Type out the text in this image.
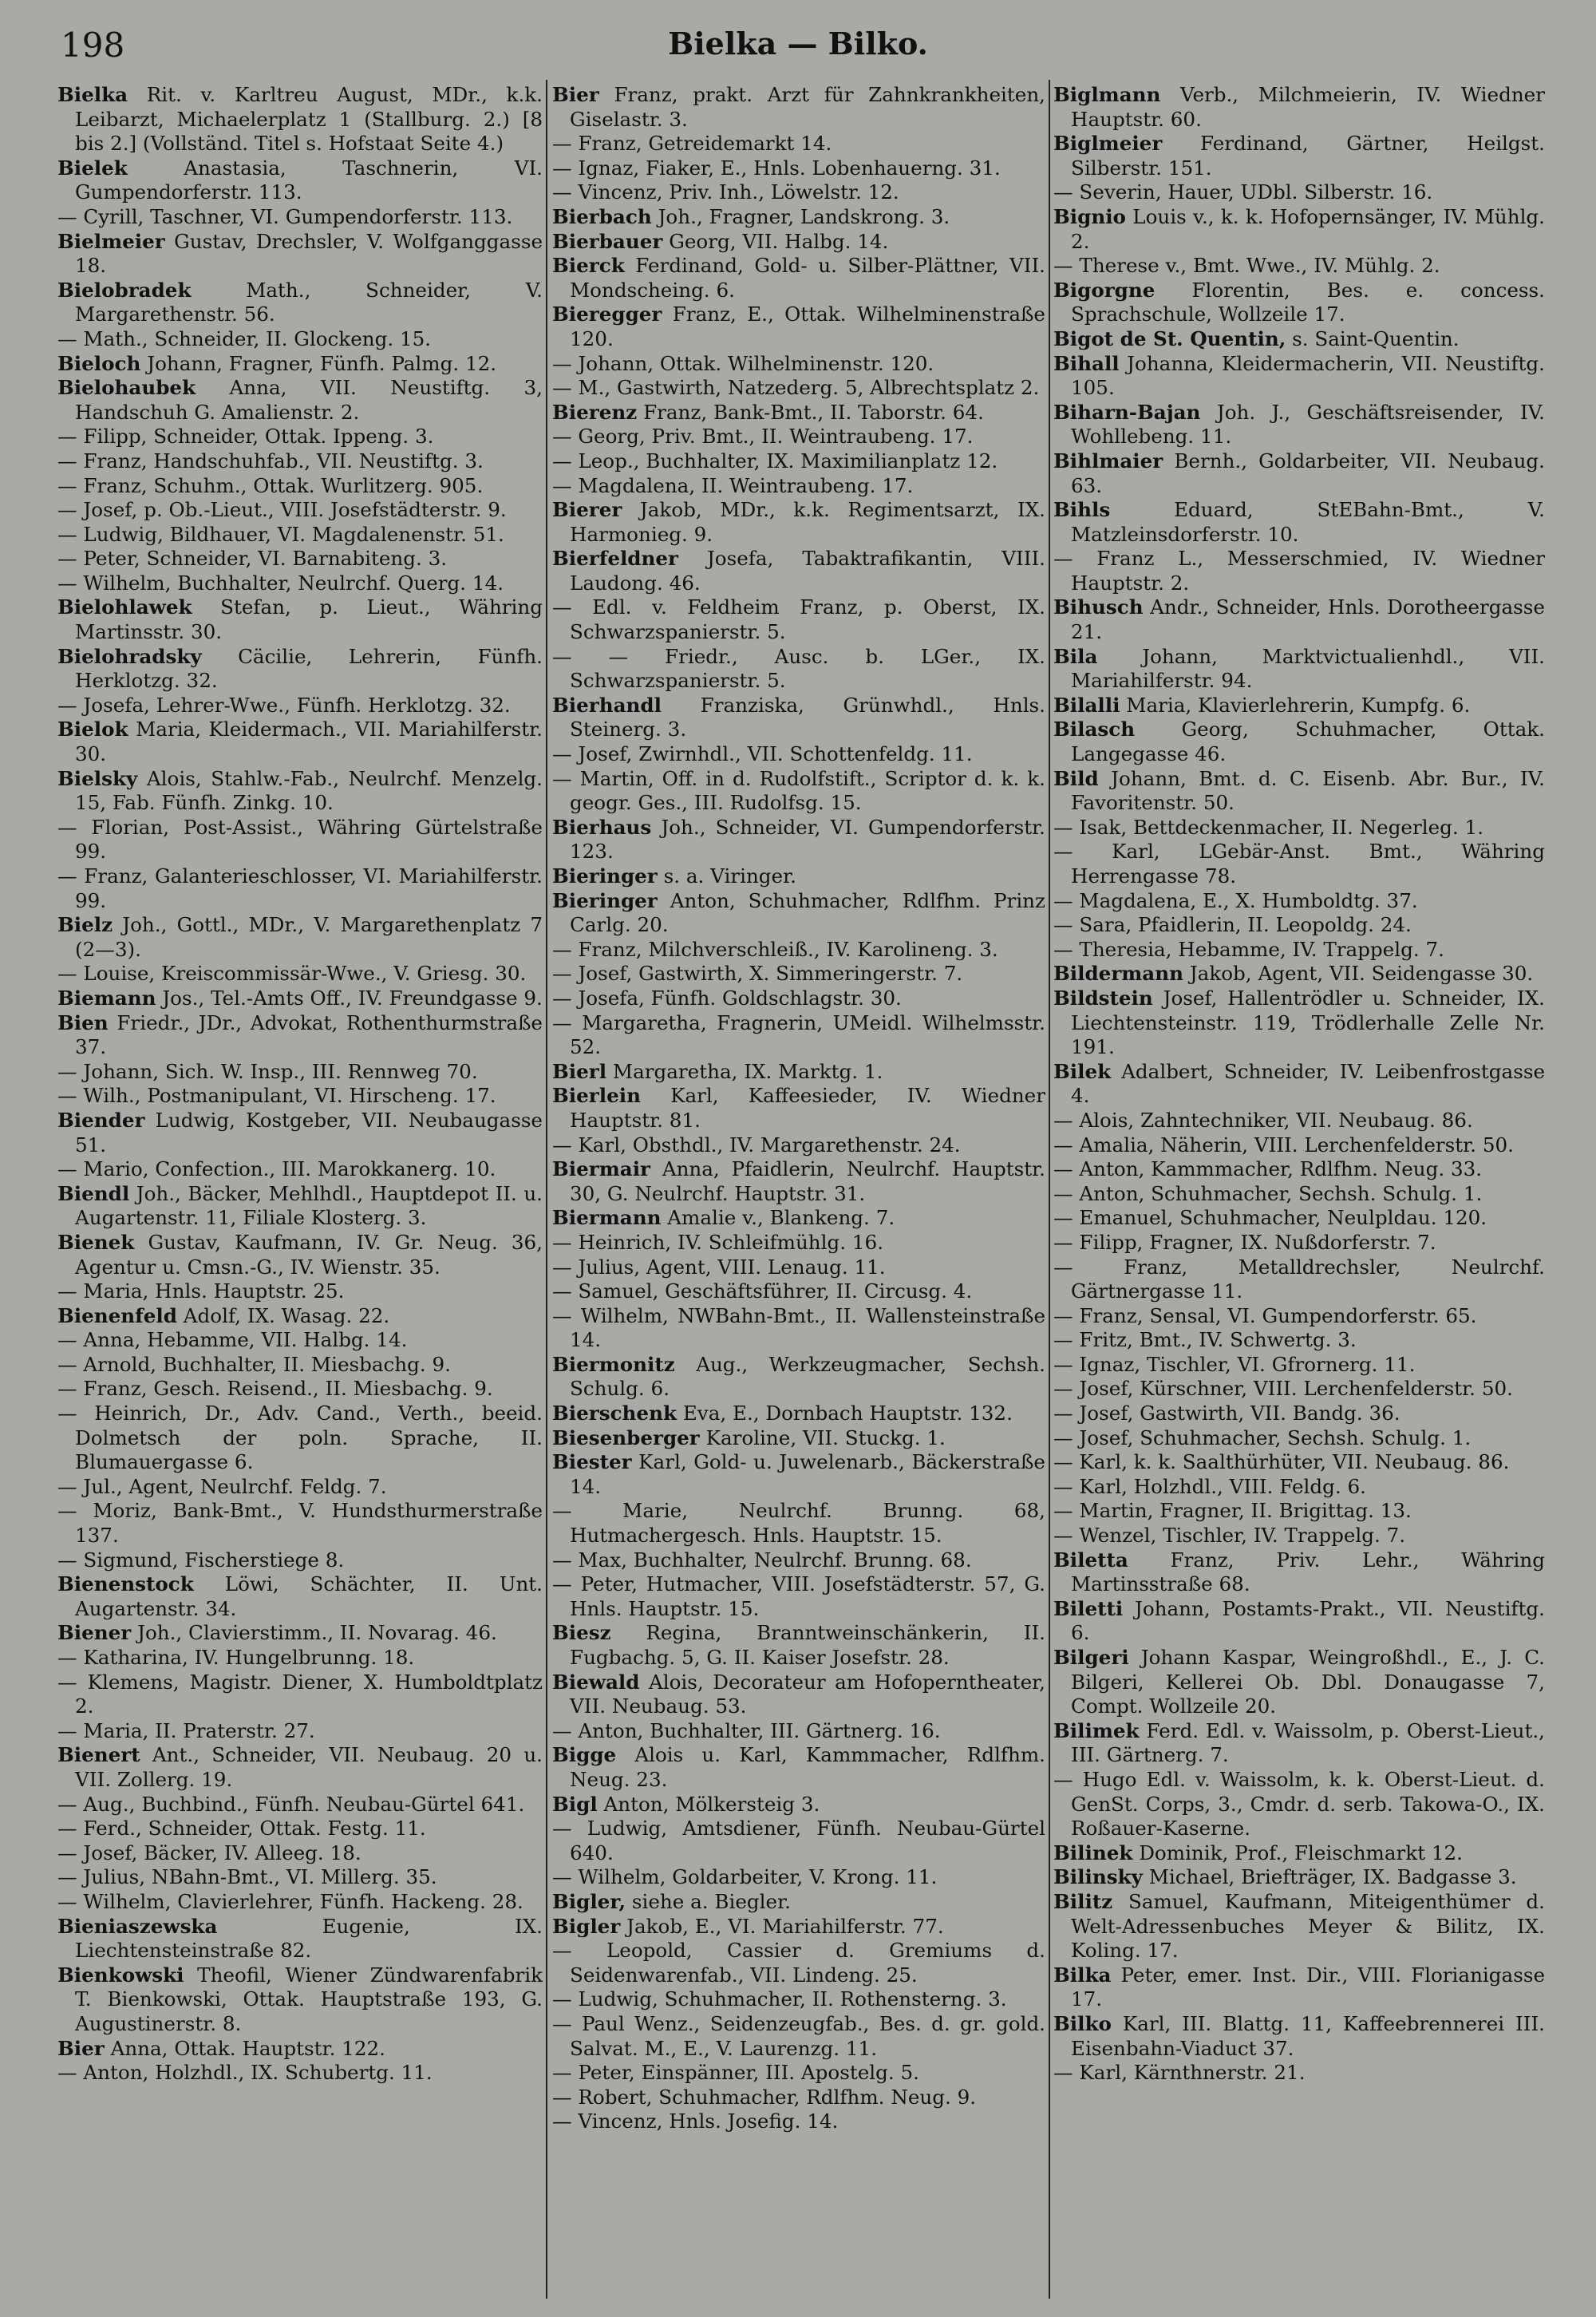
198	Bielka — Bilko.

Bielka Rit. v. Karltreu August, MDr., k.k. Leibarzt, Michaelerplatz 1 (Stallburg. 2.) [8 bis 2.] (Vollständ. Titel s. Hofstaat Seite 4.)

Bielek	Anastasia, Taschnerin, VI. Gumpendorferstr. 113.

— Cyrill, Taschner, VI. Gumpendorferstr. 113.

Bielmeier Gustav, Drechsler, V. Wolfganggasse 18.

Bielobradek	Math., Schneider, V. Margarethenstr. 56.

— Math., Schneider, II. Glockeng. 15.

Bieloch Johann, Fragner, Fünfh. Palmg. 12.

Bielohaubek Anna, VII. Neustiftg. 3, Handschuh G. Amalienstr. 2.

— Filipp, Schneider, Ottak. Ippeng. 3.

— Franz, Handschuhfab., VII. Neustiftg. 3.

— Franz, Schuhm., Ottak. Wurlitzerg. 905.

— Josef, p. Ob.-Lieut., VIII. Josefstädterstr. 9.

— Ludwig, Bildhauer, VI. Magdalenenstr. 51.

— Peter, Schneider, VI. Barnabiteng. 3.

— Wilhelm, Buchhalter, Neulrchf. Querg. 14.

Bielohlawek Stefan, p. Lieut., Währing Martinsstr. 30.

Bielohradsky Cäcilie, Lehrerin, Fünfh. Herklotzg. 32.

— Josefa, Lehrer-Wwe., Fünfh. Herklotzg. 32.

Bielok Maria, Kleidermach., VII. Mariahilferstr. 30.

Bielsky Alois, Stahlw.-Fab., Neulrchf. Menzelg. 15, Fab. Fünfh. Zinkg. 10.

— Florian, Post-Assist., Währing Gürtelstraße 99.

— Franz, Galanterieschlosser, VI. Mariahilferstr. 99.

Bielz Joh., Gottl., MDr., V. Margarethenplatz 7 (2—3).

— Louise, Kreiscommissär-Wwe., V. Griesg. 30.

Biemann Jos., Tel.-Amts Off., IV. Freundgasse 9.

Bien Friedr., JDr., Advokat, Rothenthurmstraße 37.

— Johann, Sich. W. Insp., III. Rennweg 70.

— Wilh., Postmanipulant, VI. Hirscheng. 17.

Biender Ludwig, Kostgeber, VII. Neubaugasse 51.

— Mario, Confection., III. Marokkanerg. 10.

Biendl Joh., Bäcker, Mehlhdl., Hauptdepot II. u. Augartenstr. 11, Filiale Klosterg. 3.

Bienek Gustav, Kaufmann, IV. Gr. Neug. 36, Agentur u. Cmsn.-G., IV. Wienstr. 35.

— Maria, Hnls. Hauptstr. 25.

Bienenfeld Adolf, IX. Wasag. 22.

— Anna, Hebamme, VII. Halbg. 14.

— Arnold, Buchhalter, II. Miesbachg. 9.

— Franz, Gesch. Reisend., II. Miesbachg. 9.

— Heinrich, Dr., Adv. Cand., Verth., beeid. Dolmetsch der poln. Sprache, II. Blumauergasse 6.

— Jul., Agent, Neulrchf. Feldg. 7.

— Moriz, Bank-Bmt., V. Hundsthurmerstraße 137.

— Sigmund, Fischerstiege 8.

Bienenstock Löwi, Schächter, II. Unt. Augartenstr. 34.

Biener Joh., Clavierstimm., II. Novarag. 46.

— Katharina, IV. Hungelbrunng. 18.

— Klemens, Magistr. Diener, X. Humboldtplatz 2.

— Maria, II. Praterstr. 27.

Bienert Ant., Schneider, VII. Neubaug. 20 u. VII. Zollerg. 19.

— Aug., Buchbind., Fünfh. Neubau-Gürtel 641.

— Ferd., Schneider, Ottak. Festg. 11.

— Josef, Bäcker, IV. Alleeg. 18.

— Julius, NBahn-Bmt., VI. Millerg. 35.

— Wilhelm, Clavierlehrer, Fünfh. Hackeng. 28.

Bieniaszewska	Eugenie, IX. Liechtensteinstraße 82.

Bienkowski Theofil, Wiener Zündwarenfabrik T. Bienkowski, Ottak. Hauptstraße 193, G. Augustinerstr. 8.

Bier Anna, Ottak. Hauptstr. 122.

— Anton, Holzhdl., IX. Schubertg. 11.

Bier Franz, prakt. Arzt für Zahnkrankheiten, Giselastr. 3.

— Franz, Getreidemarkt 14.

— Ignaz, Fiaker, E., Hnls. Lobenhauerng. 31.

— Vincenz, Priv. Inh., Löwelstr. 12.

Bierbach Joh., Fragner, Landskrong. 3.

Bierbauer Georg, VII. Halbg. 14.

Bierck Ferdinand, Gold- u. Silber-Plättner, VII. Mondscheing. 6.

Bieregger Franz, E., Ottak. Wilhelminenstraße 120.

— Johann, Ottak. Wilhelminenstr. 120.

— M., Gastwirth, Natzederg. 5, Albrechtsplatz 2.

Bierenz Franz, Bank-Bmt., II. Taborstr. 64.

— Georg, Priv. Bmt., II. Weintraubeng. 17.

— Leop., Buchhalter, IX. Maximilianplatz 12.

— Magdalena, II. Weintraubeng. 17.

Bierer Jakob, MDr., k.k. Regimentsarzt, IX. Harmonieg. 9.

Bierfeldner Josefa, Tabaktrafikantin, VIII. Laudong. 46.

— Edl. v. Feldheim Franz, p. Oberst, IX. Schwarzspanierstr. 5.

— — Friedr., Ausc. b. LGer., IX. Schwarzspanierstr. 5.

Bierhandl Franziska, Grünwhdl., Hnls. Steinerg. 3.

— Josef, Zwirnhdl., VII. Schottenfeldg. 11.

— Martin, Off. in d. Rudolfstift., Scriptor d. k. k. geogr. Ges., III. Rudolfsg. 15.

Bierhaus Joh., Schneider, VI. Gumpendorferstr. 123.

Bieringer s. a. Viringer.

Bieringer Anton, Schuhmacher, Rdlfhm. Prinz Carlg. 20.

— Franz, Milchverschleiß., IV. Karolineng. 3.

— Josef, Gastwirth, X. Simmeringerstr. 7.

— Josefa, Fünfh. Goldschlagstr. 30.

— Margaretha, Fragnerin, UMeidl. Wilhelmsstr. 52.

Bierl Margaretha, IX. Marktg. 1.

Bierlein Karl, Kaffeesieder, IV. Wiedner Hauptstr. 81.

— Karl, Obsthdl., IV. Margarethenstr. 24.

Biermair Anna, Pfaidlerin, Neulrchf. Hauptstr. 30, G. Neulrchf. Hauptstr. 31.

Biermann Amalie v., Blankeng. 7.

— Heinrich, IV. Schleifmühlg. 16.

— Julius, Agent, VIII. Lenaug. 11.

— Samuel, Geschäftsführer, II. Circusg. 4.

— Wilhelm, NWBahn-Bmt., II. Wallensteinstraße 14.

Biermonitz Aug., Werkzeugmacher, Sechsh. Schulg. 6.

Bierschenk Eva, E., Dornbach Hauptstr. 132.

Biesenberger Karoline, VII. Stuckg. 1.

Biester Karl, Gold- u. Juwelenarb., Bäckerstraße 14.

— Marie, Neulrchf. Brunng. 68, Hutmachergesch. Hnls. Hauptstr. 15.

— Max, Buchhalter, Neulrchf. Brunng. 68.

— Peter, Hutmacher, VIII. Josefstädterstr. 57, G. Hnls. Hauptstr. 15.

Biesz Regina, Branntweinschänkerin, II. Fugbachg. 5, G. II. Kaiser Josefstr. 28.

Biewald Alois, Decorateur am Hofoperntheater, VII. Neubaug. 53.

— Anton, Buchhalter, III. Gärtnerg. 16.

Bigge Alois u. Karl, Kammmacher, Rdlfhm. Neug. 23.

Bigl Anton, Mölkersteig 3.

— Ludwig, Amtsdiener, Fünfh. Neubau-Gürtel 640.

— Wilhelm, Goldarbeiter, V. Krong. 11.

Bigler, siehe a. Biegler.

Bigler Jakob, E., VI. Mariahilferstr. 77.

— Leopold, Cassier d. Gremiums d. Seidenwarenfab., VII. Lindeng. 25.

— Ludwig, Schuhmacher, II. Rothensterng. 3.

— Paul Wenz., Seidenzeugfab., Bes. d. gr. gold. Salvat. M., E., V. Laurenzg. 11.

— Peter, Einspänner, III. Apostelg. 5.

— Robert, Schuhmacher, Rdlfhm. Neug. 9.

— Vincenz, Hnls. Josefig. 14.

Biglmann Verb., Milchmeierin, IV. Wiedner Hauptstr. 60.

Biglmeier Ferdinand, Gärtner, Heilgst. Silberstr. 151.

— Severin, Hauer, UDbl. Silberstr. 16.

Bignio Louis v., k. k. Hofopernsänger, IV. Mühlg. 2.

— Therese v., Bmt. Wwe., IV. Mühlg. 2.

Bigorgne Florentin, Bes. e. concess. Sprachschule, Wollzeile 17.

Bigot de St. Quentin, s. Saint-Quentin.

Bihall Johanna, Kleidermacherin, VII. Neustiftg. 105.

Biharn-Bajan Joh. J., Geschäftsreisender, IV. Wohllebeng. 11.

Bihlmaier Bernh., Goldarbeiter, VII. Neubaug. 63.

Bihls	Eduard, StEBahn-Bmt., V. Matzleinsdorferstr. 10.

— Franz L., Messerschmied, IV. Wiedner Hauptstr. 2.

Bihusch Andr., Schneider, Hnls. Dorotheergasse 21.

Bila Johann, Marktvictualienhdl., VII. Mariahilferstr. 94.

Bilalli Maria, Klavierlehrerin, Kumpfg. 6.

Bilasch Georg, Schuhmacher, Ottak. Langegasse 46.

Bild Johann, Bmt. d. C. Eisenb. Abr. Bur., IV. Favoritenstr. 50.

— Isak, Bettdeckenmacher, II. Negerleg. 1.

— Karl, LGebär-Anst. Bmt., Währing Herrengasse 78.

— Magdalena, E., X. Humboldtg. 37.

— Sara, Pfaidlerin, II. Leopoldg. 24.

— Theresia, Hebamme, IV. Trappelg. 7.

Bildermann Jakob, Agent, VII. Seidengasse 30.

Bildstein Josef, Hallentrödler u. Schneider, IX. Liechtensteinstr. 119, Trödlerhalle Zelle Nr. 191.

Bilek Adalbert, Schneider, IV. Leibenfrostgasse 4.

— Alois, Zahntechniker, VII. Neubaug. 86.

— Amalia, Näherin, VIII. Lerchenfelderstr. 50.

— Anton, Kammmacher, Rdlfhm. Neug. 33.

— Anton, Schuhmacher, Sechsh. Schulg. 1.

— Emanuel, Schuhmacher, Neulpldau. 120.

— Filipp, Fragner, IX. Nußdorferstr. 7.

— Franz, Metalldrechsler, Neulrchf. Gärtnergasse 11.

— Franz, Sensal, VI. Gumpendorferstr. 65.

— Fritz, Bmt., IV. Schwertg. 3.

— Ignaz, Tischler, VI. Gfrornerg. 11.

— Josef, Kürschner, VIII. Lerchenfelderstr. 50.

— Josef, Gastwirth, VII. Bandg. 36.

— Josef, Schuhmacher, Sechsh. Schulg. 1.

— Karl, k. k. Saalthürhüter, VII. Neubaug. 86.

— Karl, Holzhdl., VIII. Feldg. 6.

— Martin, Fragner, II. Brigittag. 13.

— Wenzel, Tischler, IV. Trappelg. 7.

Biletta Franz, Priv. Lehr., Währing Martinsstraße 68.

Biletti Johann, Postamts-Prakt., VII. Neustiftg. 6.

Bilgeri Johann Kaspar, Weingroßhdl., E., J. C. Bilgeri, Kellerei Ob. Dbl. Donaugasse 7, Compt. Wollzeile 20.

Bilimek Ferd. Edl. v. Waissolm, p. Oberst-Lieut., III. Gärtnerg. 7.

— Hugo Edl. v. Waissolm, k. k. Oberst-Lieut. d. GenSt. Corps, 3., Cmdr. d. serb. Takowa-O., IX. Roßauer-Kaserne.

Bilinek Dominik, Prof., Fleischmarkt 12.

Bilinsky Michael, Briefträger, IX. Badgasse 3.

Bilitz Samuel, Kaufmann, Miteigenthümer d. Welt-Adressenbuches Meyer & Bilitz, IX. Koling. 17.

Bilka Peter, emer. Inst. Dir., VIII. Florianigasse 17.

Bilko Karl, III. Blattg. 11, Kaffeebrennerei III. Eisenbahn-Viaduct 37.

— Karl, Kärnthnerstr. 21.
